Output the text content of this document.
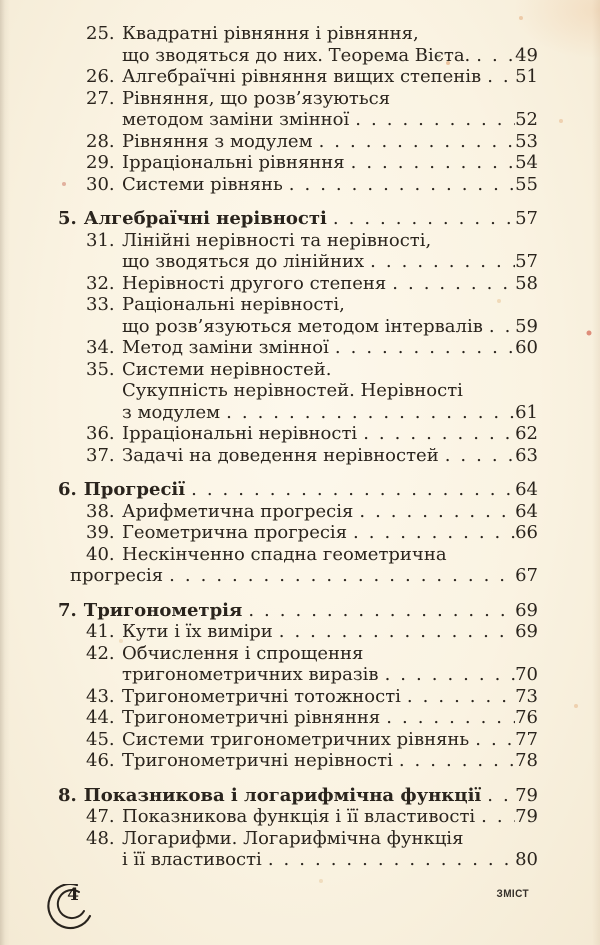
25. Квадратні рівняння і рівняння,
що зводяться до них. Теорема Вієта. ..... 49
26. Алгебраїчні рівняння вищих степенів ..... 51
27. Рівняння, що розв’язуються
методом заміни змінної .....	52
28. Рівняння з модулем .....	53
29. Ірраціональні рівняння .....	54
30. Системи рівнянь .....	55
5. Алгебраїчні нерівності .....	57
31. Лінійні нерівності та нерівності,
що зводяться до лінійних .....	57
32. Нерівності другого степеня .....	58
33. Раціональні нерівності,
що розв’язуються методом інтервалів ..... 59
34. Метод заміни змінної .....	60
35. Системи нерівностей.
Сукупність нерівностей. Нерівності
з модулем .....	61
36. Ірраціональні нерівності .....	62
37. Задачі на доведення нерівностей .....	63
6. Прогресії .....	64
38. Арифметична прогресія .....	64
39. Геометрична прогресія .....	66
40. Нескінченно спадна геометрична
прогресія .....	67
7. Тригонометрія .....	69
41. Кути і їх виміри .....	69
42. Обчислення і спрощення
тригонометричних виразів .....	70
43. Тригонометричні тотожності .....	73
44. Тригонометричні рівняння .....	76
45. Системи тригонометричних рівнянь .....	77
46. Тригонометричні нерівності .....	78
8. Показникова і логарифмічна функції ..... 79
47. Показникова функція і її властивості ..... 79
48. Логарифми. Логарифмічна функція
і її властивості .....	80
4	ЗМІСТ
